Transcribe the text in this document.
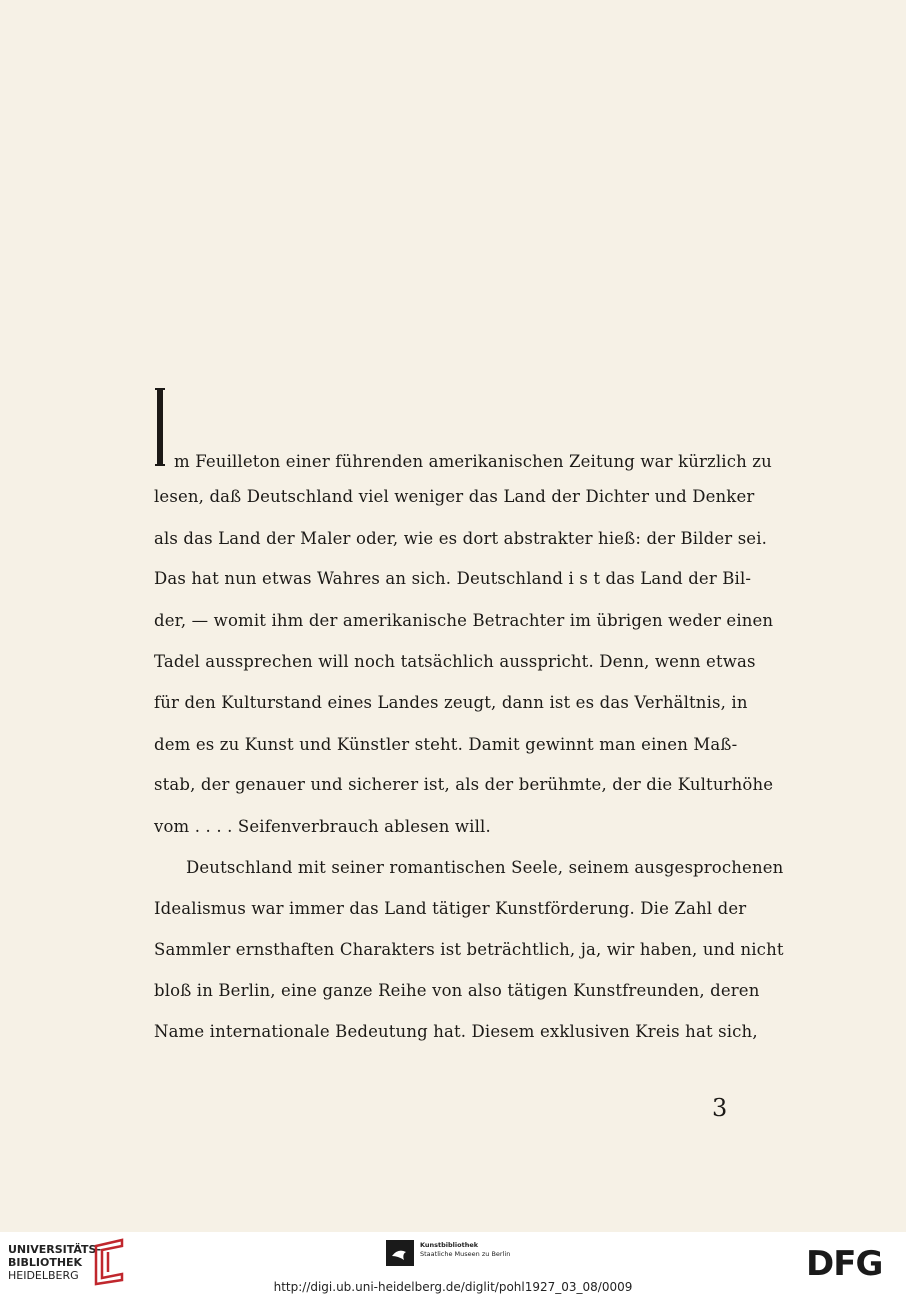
m Feuilleton einer führenden amerikanischen Zeitung war kürzlich zu
lesen, daß Deutschland viel weniger das Land der Dichter und Denker
als das Land der Maler oder, wie es dort abstrakter hieß: der Bilder sei.
Das hat nun etwas Wahres an sich. Deutschland i s t das Land der Bil-
der, — womit ihm der amerikanische Betrachter im übrigen weder einen
Tadel aussprechen will noch tatsächlich ausspricht. Denn, wenn etwas
für den Kulturstand eines Landes zeugt, dann ist es das Verhältnis, in
dem es zu Kunst und Künstler steht. Damit gewinnt man einen Maß-
stab, der genauer und sicherer ist, als der berühmte, der die Kulturhöhe
vom . . . . Seifenverbrauch ablesen will.
Deutschland mit seiner romantischen Seele, seinem ausgesprochenen
Idealismus war immer das Land tätiger Kunstförderung. Die Zahl der
Sammler ernsthaften Charakters ist beträchtlich, ja, wir haben, und nicht
bloß in Berlin, eine ganze Reihe von also tätigen Kunstfreunden, deren
Name internationale Bedeutung hat. Diesem exklusiven Kreis hat sich,
3
UNIVERSITÄTS-
BIBLIOTHEK
HEIDELBERG
Kunstbibliothek
Staatliche Museen zu Berlin	DFG
http://digi.ub.uni-heidelberg.de/diglit/pohl1927_03_08/0009
